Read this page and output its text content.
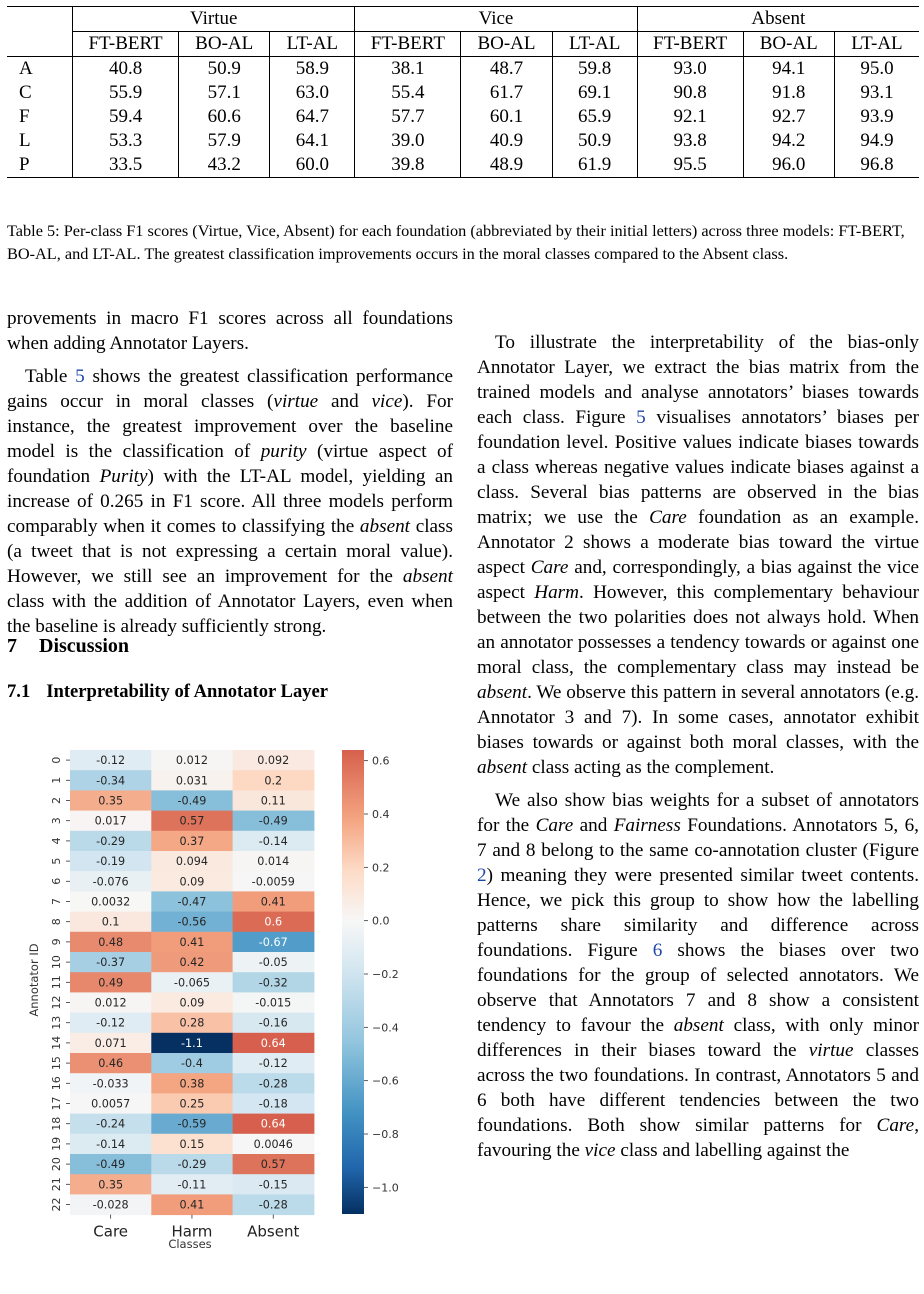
	Virtue			Vice			Absent		
	FT-BERT	BO-AL	LT-AL	FT-BERT	BO-AL	LT-AL	FT-BERT	BO-AL	LT-AL
A	40.8	50.9	58.9	38.1	48.7	59.8	93.0	94.1	95.0
C	55.9	57.1	63.0	55.4	61.7	69.1	90.8	91.8	93.1
F	59.4	60.6	64.7	57.7	60.1	65.9	92.1	92.7	93.9
L	53.3	57.9	64.1	39.0	40.9	50.9	93.8	94.2	94.9
P	33.5	43.2	60.0	39.8	48.9	61.9	95.5	96.0	96.8
Table 5: Per-class F1 scores (Virtue, Vice, Absent) for each foundation (abbreviated by their initial letters) across three models: FT-BERT, BO-AL, and LT-AL. The greatest classification improvements occurs in the moral classes compared to the Absent class.

provements in macro F1 scores across all foundations when adding Annotator Layers.

Table 5 shows the greatest classification performance gains occur in moral classes (virtue and vice). For instance, the greatest improvement over the baseline model is the classification of purity (virtue aspect of foundation Purity) with the LT-AL model, yielding an increase of 0.265 in F1 score. All three models perform comparably when it comes to classifying the absent class (a tweet that is not expressing a certain moral value). However, we still see an improvement for the absent class with the addition of Annotator Layers, even when the baseline is already sufficiently strong.

7 Discussion
7.1 Interpretability of Annotator Layer
-0.12	0.012	0.092
-0.34	0.031	0.2
0.35	-0.49	0.11
0.017	0.57	-0.49
-0.29	0.37	-0.14
-0.19	0.094	0.014
-0.076	0.09	-0.0059
0.0032	-0.47	0.41
0.1	-0.56	0.6
0.48	0.41	-0.67
-0.37	0.42	-0.05
0.49	-0.065	-0.32
0.012	0.09	-0.015
-0.12	0.28	-0.16
0.071	-1.1	0.64
0.46	-0.4	-0.12
-0.033	0.38	-0.28
0.0057	0.25	-0.18
-0.24	-0.59	0.64
-0.14	0.15	0.0046
-0.49	-0.29	0.57
0.35	-0.11	-0.15
-0.028	0.41	-0.28
0
1
2
3
4
5
6
7
8
9
10
11
12
13
14
15
16
17
18
19
20
21
22
Care	Harm Absent
0.6
0.4
0.2
0.0
−0.2
−0.4
−0.6
−0.8
−1.0
Annotator ID
Classes

To illustrate the interpretability of the bias-only Annotator Layer, we extract the bias matrix from the trained models and analyse annotators’ biases towards each class. Figure 5 visualises annotators’ biases per foundation level. Positive values indicate biases towards a class whereas negative values indicate biases against a class. Several bias patterns are observed in the bias matrix; we use the Care foundation as an example. Annotator 2 shows a moderate bias toward the virtue aspect Care and, correspondingly, a bias against the vice aspect Harm. However, this complementary behaviour between the two polarities does not always hold. When an annotator possesses a tendency towards or against one moral class, the complementary class may instead be absent. We observe this pattern in several annotators (e.g. Annotator 3 and 7). In some cases, annotator exhibit biases towards or against both moral classes, with the absent class acting as the complement.

We also show bias weights for a subset of annotators for the Care and Fairness Foundations. Annotators 5, 6, 7 and 8 belong to the same co-annotation cluster (Figure 2) meaning they were presented similar tweet contents. Hence, we pick this group to show how the labelling patterns share similarity and difference across foundations. Figure 6 shows the biases over two foundations for the group of selected annotators. We observe that Annotators 7 and 8 show a consistent tendency to favour the absent class, with only minor differences in their biases toward the virtue classes across the two foundations. In contrast, Annotators 5 and 6 both have different tendencies between the two foundations. Both show similar patterns for Care, favouring the vice class and labelling against the
